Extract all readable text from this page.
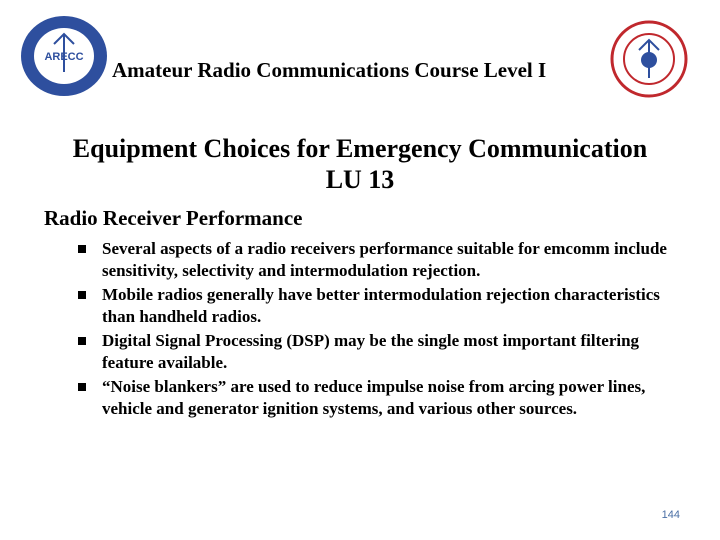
ARECC
Amateur Radio Communications Course Level I
Equipment Choices for Emergency Communication
LU 13
Radio Receiver Performance
Several aspects of a radio receivers performance suitable for emcomm include sensitivity, selectivity and intermodulation rejection.
Mobile radios generally have better intermodulation rejection characteristics than handheld radios.
Digital Signal Processing (DSP) may be the single most important filtering feature available.
“Noise blankers” are used to reduce impulse noise from arcing power lines, vehicle and generator ignition systems, and various other sources.
144
